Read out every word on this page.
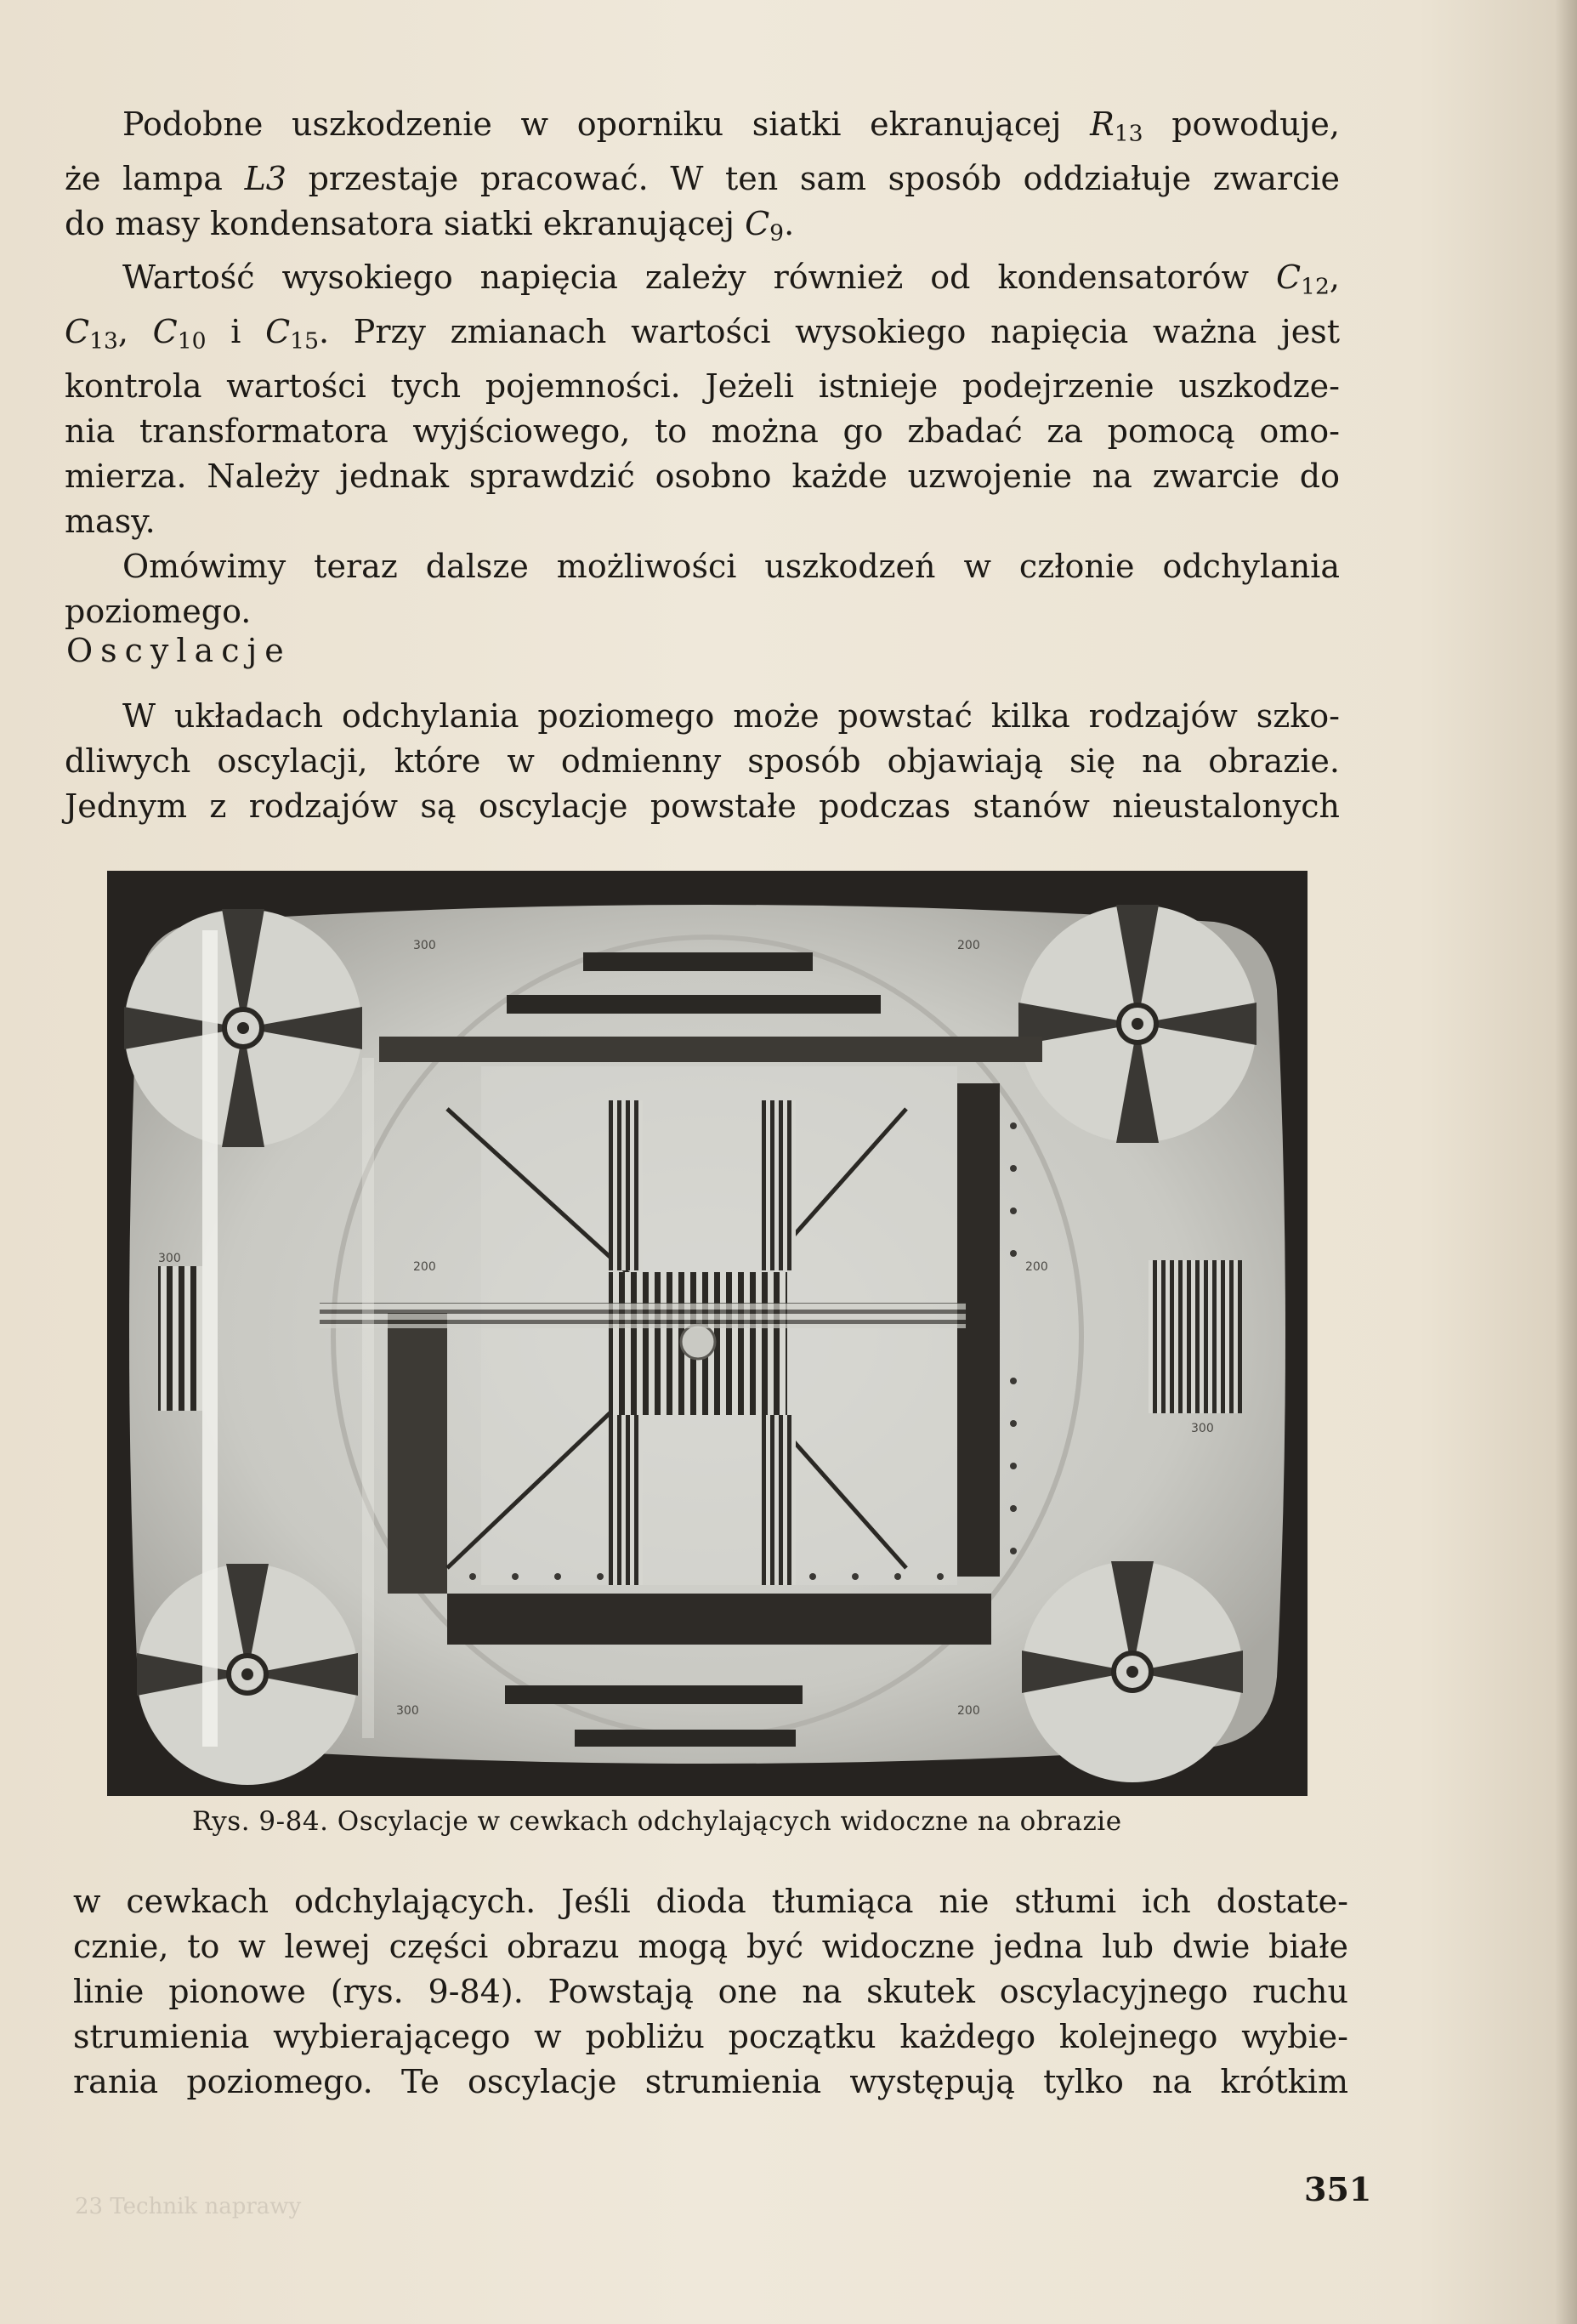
Podobne uszkodzenie w oporniku siatki ekranującej $R_{13}$ powoduje,
że lampa L3 przestaje pracować. W ten sam sposób oddziałuje zwarcie
do masy kondensatora siatki ekranującej $C_9$.
Wartość wysokiego napięcia zależy również od kondensatorów $C_{12}$,
$C_{13}$, $C_{10}$ i $C_{15}$. Przy zmianach wartości wysokiego napięcia ważna jest
kontrola wartości tych pojemności. Jeżeli istnieje podejrzenie uszkodze-
nia transformatora wyjściowego, to można go zbadać za pomocą omo-
mierza. Należy jednak sprawdzić osobno każde uzwojenie na zwarcie do
masy.
Omówimy teraz dalsze możliwości uszkodzeń w członie odchylania
poziomego.
Oscylacje
W układach odchylania poziomego może powstać kilka rodzajów szko-
dliwych oscylacji, które w odmienny sposób objawiają się na obrazie.
Jednym z rodzajów są oscylacje powstałe podczas stanów nieustalonych
300	200
200
300
300	200
300
200
Rys. 9-84. Oscylacje w cewkach odchylających widoczne na obrazie
w cewkach odchylających. Jeśli dioda tłumiąca nie stłumi ich dostate-
cznie, to w lewej części obrazu mogą być widoczne jedna lub dwie białe
linie pionowe (rys. 9-84). Powstają one na skutek oscylacyjnego ruchu
strumienia wybierającego w pobliżu początku każdego kolejnego wybie-
rania poziomego. Te oscylacje strumienia występują tylko na krótkim
351
23 Technik naprawy
